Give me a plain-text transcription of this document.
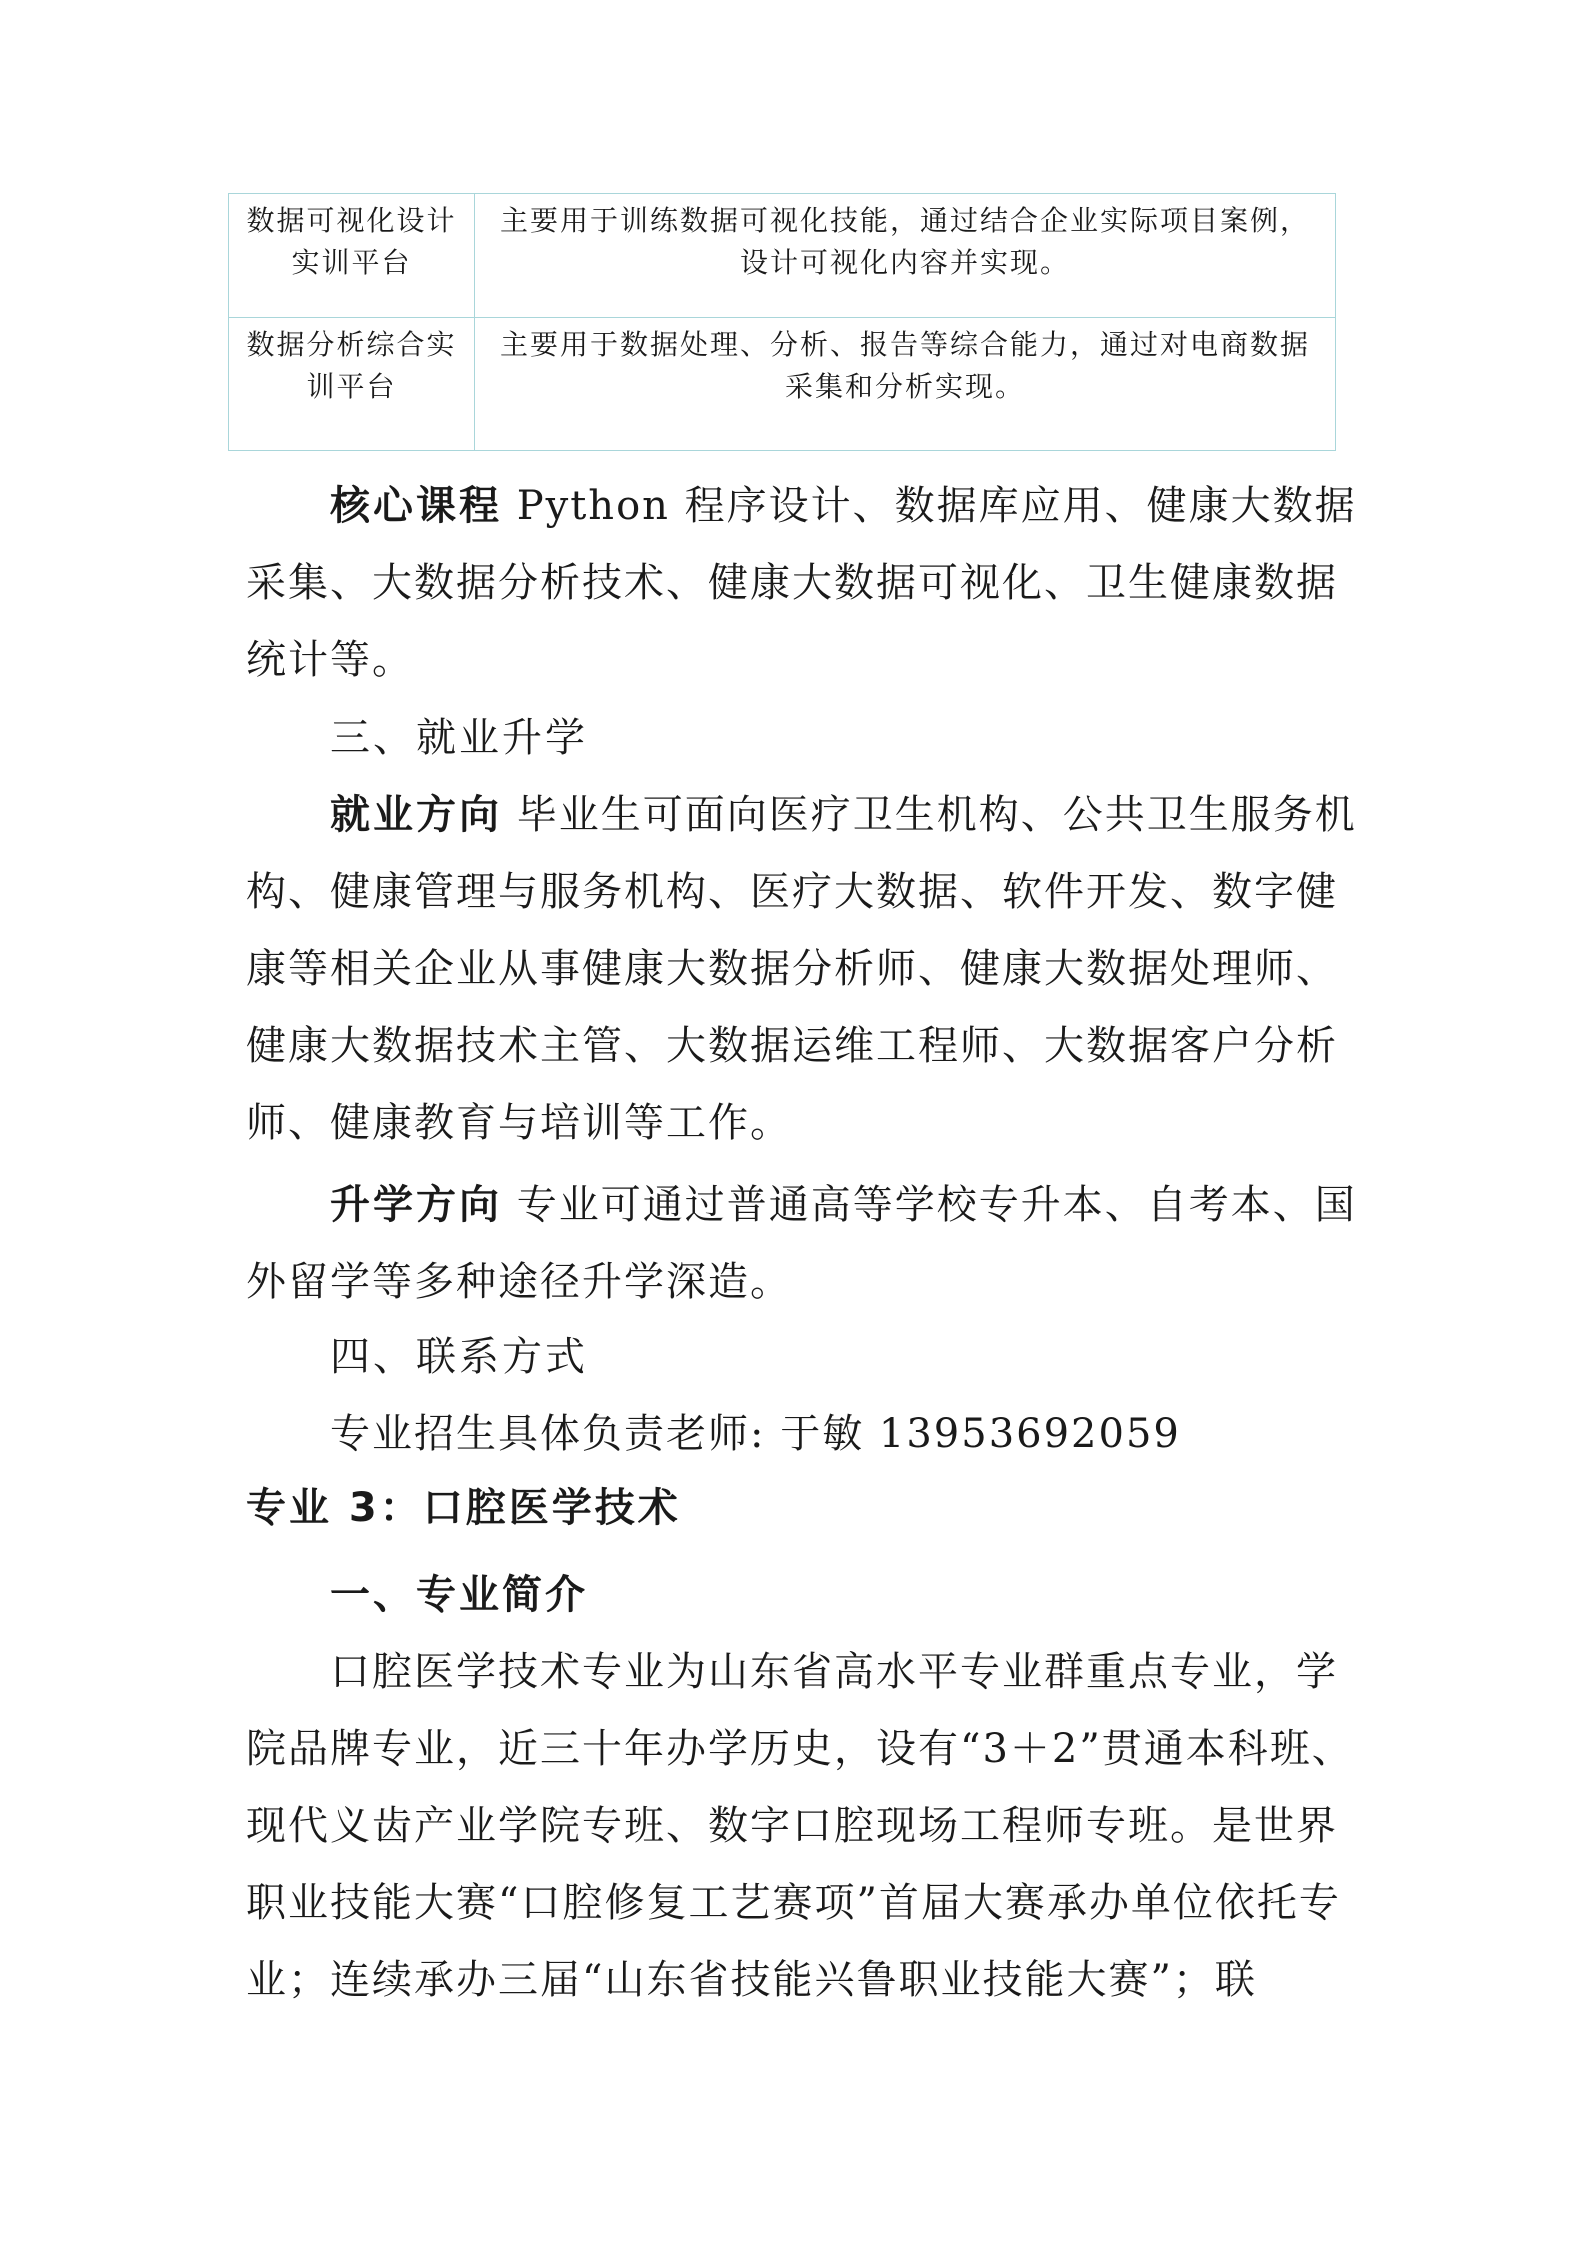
数据可视化设计实训平台	主要用于训练数据可视化技能，通过结合企业实际项目案例，设计可视化内容并实现。
数据分析综合实训平台	主要用于数据处理、分析、报告等综合能力，通过对电商数据采集和分析实现。

核心课程 Python 程序设计、数据库应用、健康大数据采集、大数据分析技术、健康大数据可视化、卫生健康数据统计等。

三、就业升学

就业方向 毕业生可面向医疗卫生机构、公共卫生服务机构、健康管理与服务机构、医疗大数据、软件开发、数字健康等相关企业从事健康大数据分析师、健康大数据处理师、健康大数据技术主管、大数据运维工程师、大数据客户分析师、健康教育与培训等工作。

升学方向 专业可通过普通高等学校专升本、自考本、国外留学等多种途径升学深造。

四、联系方式

专业招生具体负责老师: 于敏 13953692059

专业 3：口腔医学技术

一、专业简介

口腔医学技术专业为山东省高水平专业群重点专业，学院品牌专业，近三十年办学历史，设有“3＋2”贯通本科班、现代义齿产业学院专班、数字口腔现场工程师专班。是世界职业技能大赛“口腔修复工艺赛项”首届大赛承办单位依托专业；连续承办三届“山东省技能兴鲁职业技能大赛”；联
